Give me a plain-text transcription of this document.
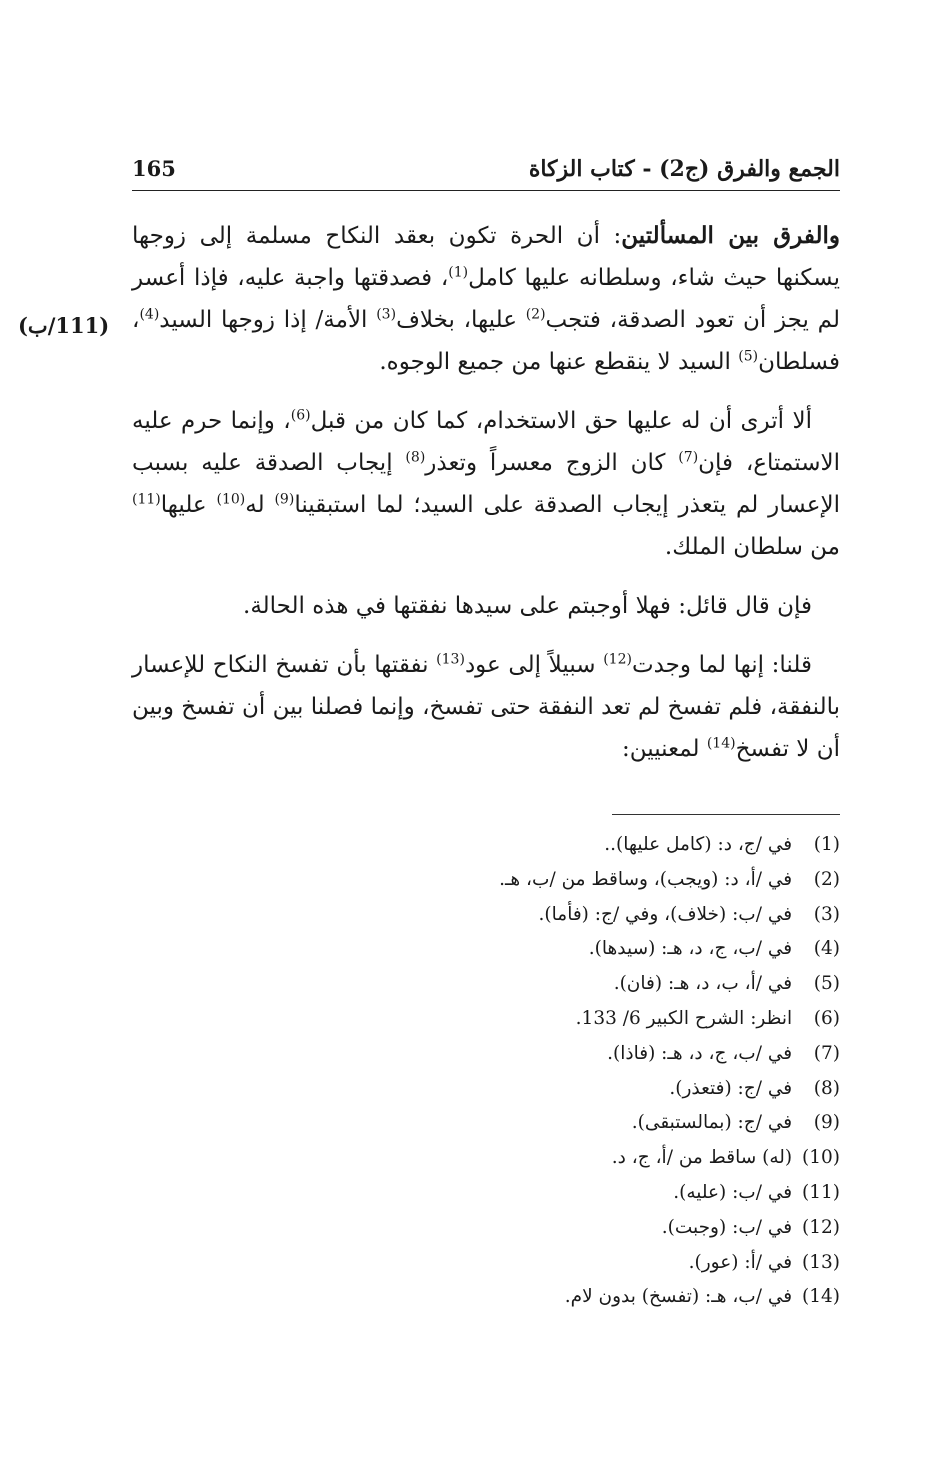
الجمع والفرق (ج2) - كتاب الزكاة
165
(111/ب)

والفرق بين المسألتين: أن الحرة تكون بعقد النكاح مسلمة إلى زوجها يسكنها حيث شاء، وسلطانه عليها كامل$^{(1)}$، فصدقتها واجبة عليه، فإذا أعسر لم يجز أن تعود الصدقة، فتجب$^{(2)}$ عليها، بخلاف$^{(3)}$ الأمة/ إذا زوجها السيد$^{(4)}$، فسلطان$^{(5)}$ السيد لا ينقطع عنها من جميع الوجوه.

ألا أترى أن له عليها حق الاستخدام، كما كان من قبل$^{(6)}$، وإنما حرم عليه الاستمتاع، فإن$^{(7)}$ كان الزوج معسراً وتعذر$^{(8)}$ إيجاب الصدقة عليه بسبب الإعسار لم يتعذر إيجاب الصدقة على السيد؛ لما استبقينا$^{(9)}$ له$^{(10)}$ عليها$^{(11)}$ من سلطان الملك.

فإن قال قائل: فهلا أوجبتم على سيدها نفقتها في هذه الحالة.

قلنا: إنها لما وجدت$^{(12)}$ سبيلاً إلى عود$^{(13)}$ نفقتها بأن تفسخ النكاح للإعسار بالنفقة، فلم تفسخ لم تعد النفقة حتى تفسخ، وإنما فصلنا بين أن تفسخ وبين أن لا تفسخ$^{(14)}$ لمعنيين:

(1) في /ج، د: (كامل عليها)..
(2) في /أ، د: (ويجب)، وساقط من /ب، هـ.
(3) في /ب: (خلاف)، وفي /ج: (فأما).
(4) في /ب، ج، د، هـ: (سيدها).
(5) في /أ، ب، د، هـ: (فان).
(6) انظر: الشرح الكبير 6/ 133.
(7) في /ب، ج، د، هـ: (فاذا).
(8) في /ج: (فتعذر).
(9) في /ج: (بمالستبقى).
(10) (له) ساقط من /أ، ج، د.
(11) في /ب: (عليه).
(12) في /ب: (وجبت).
(13) في /أ: (عور).
(14) في /ب، هـ: (تفسخ) بدون لام.
